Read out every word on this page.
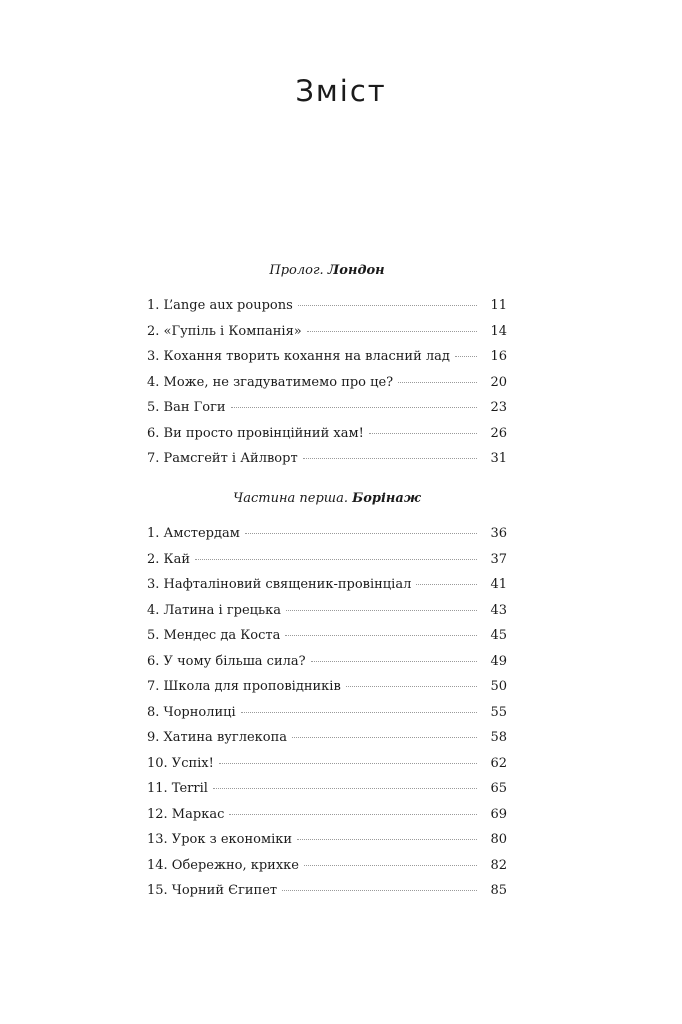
Зміст
Пролог. Лондон
1. L’ange aux poupons	11
2. «Гупіль і Компанія»	14
3. Кохання творить кохання на власний лад	16
4. Може, не згадуватимемо про це?	20
5. Ван Гоги	23
6. Ви просто провінційний хам!	26
7. Рамсгейт і Айлворт	31
Частина перша. Борінаж
1. Амстердам	36
2. Кай	37
3. Нафталіновий священик-провінціал	41
4. Латина і грецька	43
5. Мендес да Коста	45
6. У чому більша сила?	49
7. Школа для проповідників	50
8. Чорнолиці	55
9. Хатина вуглекопа	58
10. Успіх!	62
11. Terril	65
12. Маркас	69
13. Урок з економіки	80
14. Обережно, крихке	82
15. Чорний Єгипет	85
